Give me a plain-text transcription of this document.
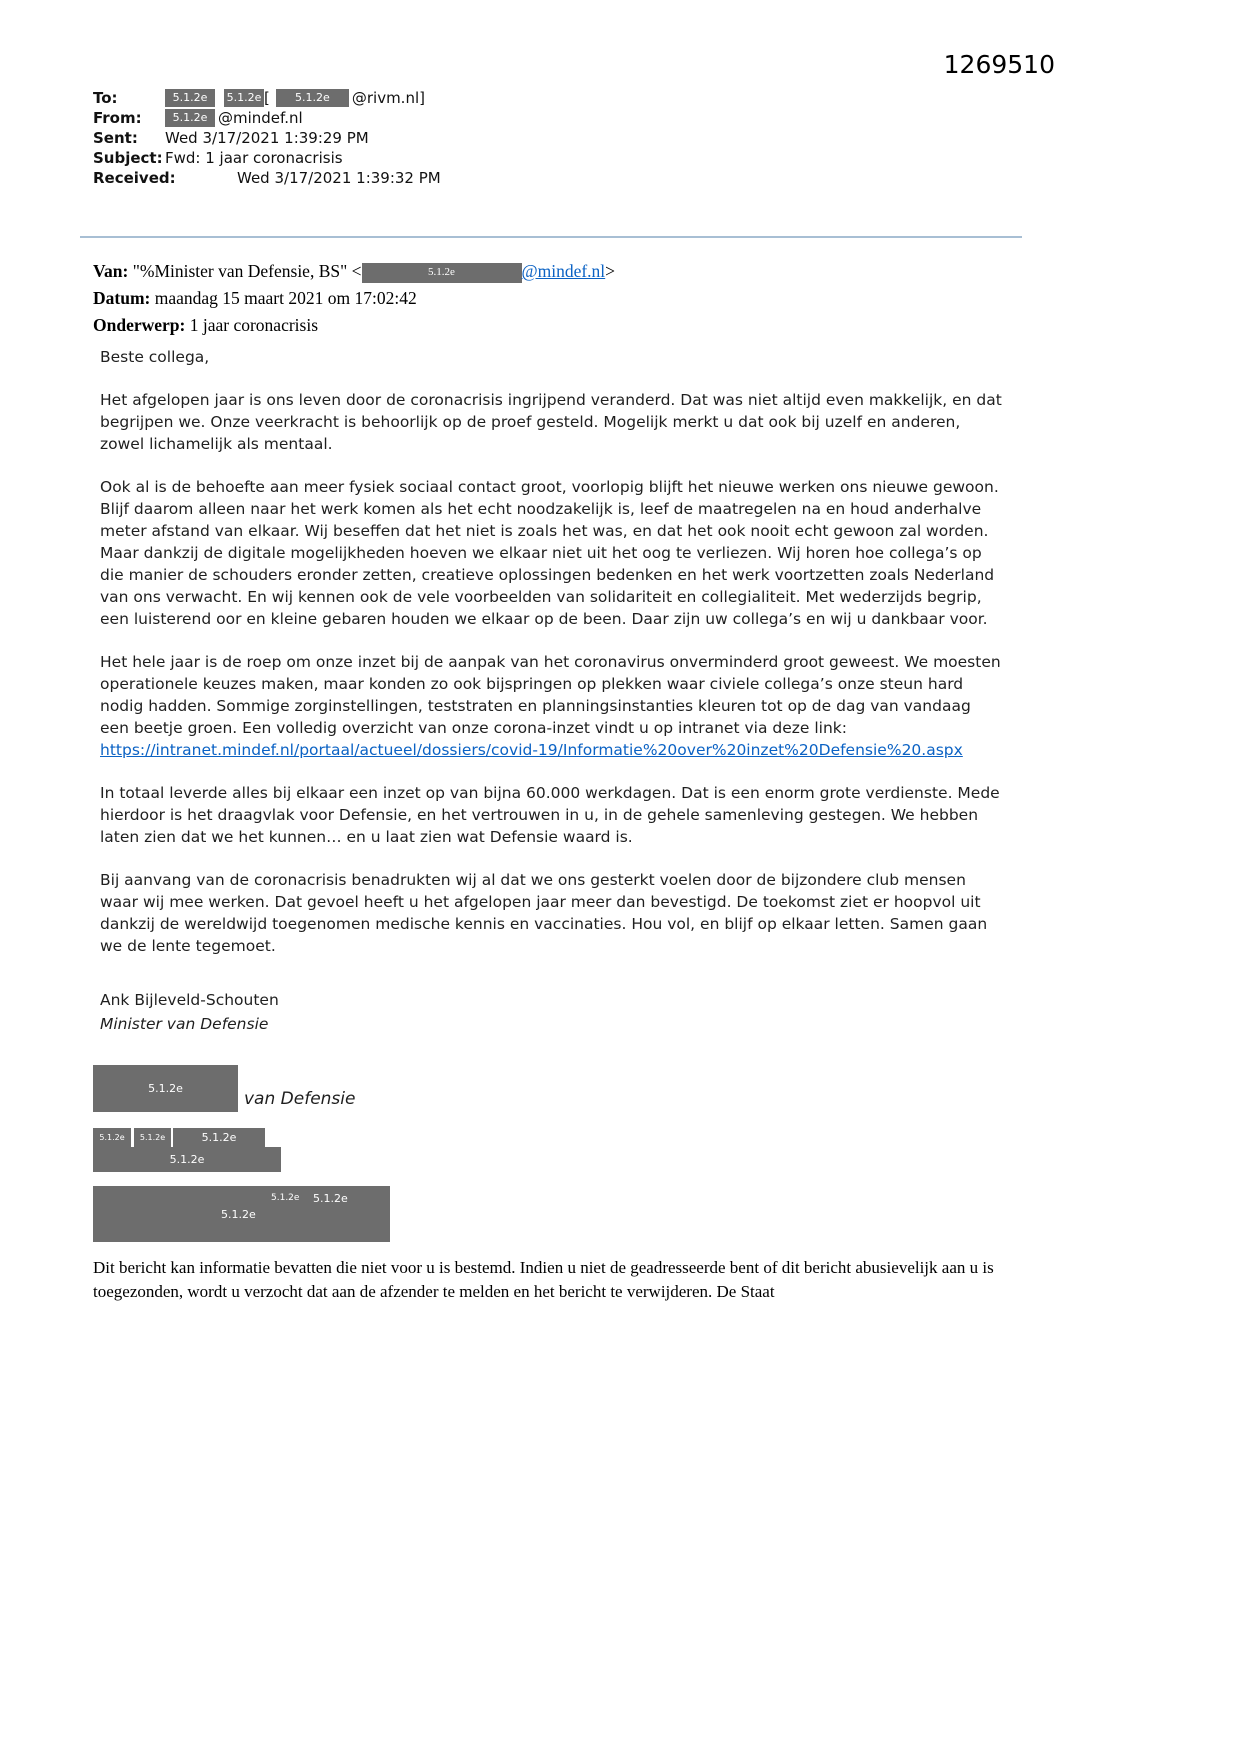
1269510
To:	5.1.2e 5.1.2e [ 5.1.2e @rivm.nl]
From:	5.1.2e @mindef.nl
Sent:	Wed 3/17/2021 1:39:29 PM
Subject: Fwd: 1 jaar coronacrisis
Received:	Wed 3/17/2021 1:39:32 PM
Van: "%Minister van Defensie, BS" <	5.1.2e	@mindef.nl>
Datum: maandag 15 maart 2021 om 17:02:42
Onderwerp: 1 jaar coronacrisis

Beste collega,

Het afgelopen jaar is ons leven door de coronacrisis ingrijpend veranderd. Dat was niet altijd even makkelijk, en dat begrijpen we. Onze veerkracht is behoorlijk op de proef gesteld. Mogelijk merkt u dat ook bij uzelf en anderen, zowel lichamelijk als mentaal.

Ook al is de behoefte aan meer fysiek sociaal contact groot, voorlopig blijft het nieuwe werken ons nieuwe gewoon. Blijf daarom alleen naar het werk komen als het echt noodzakelijk is, leef de maatregelen na en houd anderhalve meter afstand van elkaar. Wij beseffen dat het niet is zoals het was, en dat het ook nooit echt gewoon zal worden. Maar dankzij de digitale mogelijkheden hoeven we elkaar niet uit het oog te verliezen. Wij horen hoe collega’s op die manier de schouders eronder zetten, creatieve oplossingen bedenken en het werk voortzetten zoals Nederland van ons verwacht. En wij kennen ook de vele voorbeelden van solidariteit en collegialiteit. Met wederzijds begrip, een luisterend oor en kleine gebaren houden we elkaar op de been. Daar zijn uw collega’s en wij u dankbaar voor.

Het hele jaar is de roep om onze inzet bij de aanpak van het coronavirus onverminderd groot geweest. We moesten operationele keuzes maken, maar konden zo ook bijspringen op plekken waar civiele collega’s onze steun hard nodig hadden. Sommige zorginstellingen, teststraten en planningsinstanties kleuren tot op de dag van vandaag een beetje groen. Een volledig overzicht van onze corona-inzet vindt u op intranet via deze link: https://intranet.mindef.nl/portaal/actueel/dossiers/covid-19/Informatie%20over%20inzet%20Defensie%20.aspx

In totaal leverde alles bij elkaar een inzet op van bijna 60.000 werkdagen. Dat is een enorm grote verdienste. Mede hierdoor is het draagvlak voor Defensie, en het vertrouwen in u, in de gehele samenleving gestegen. We hebben laten zien dat we het kunnen… en u laat zien wat Defensie waard is.

Bij aanvang van de coronacrisis benadrukten wij al dat we ons gesterkt voelen door de bijzondere club mensen waar wij mee werken. Dat gevoel heeft u het afgelopen jaar meer dan bevestigd. De toekomst ziet er hoopvol uit dankzij de wereldwijd toegenomen medische kennis en vaccinaties. Hou vol, en blijf op elkaar letten. Samen gaan we de lente tegemoet.

Ank Bijleveld-Schouten
Minister van Defensie
5.1.2e
van Defensie
5.1.2e 5.1.2e	5.1.2e
5.1.2e
5.1.2e 5.1.2e
5.1.2e
Dit bericht kan informatie bevatten die niet voor u is bestemd. Indien u niet de geadresseerde bent of dit bericht abusievelijk aan u is toegezonden, wordt u verzocht dat aan de afzender te melden en het bericht te verwijderen. De Staat
